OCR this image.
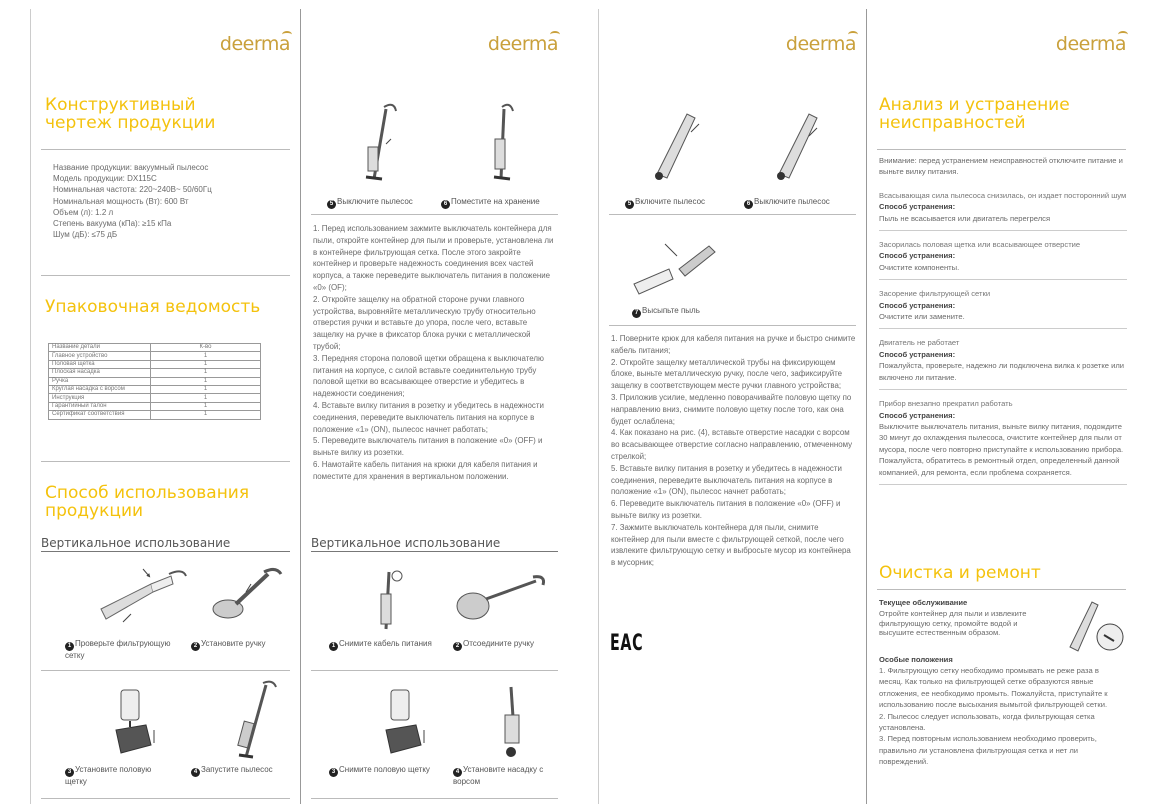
deerma
Конструктивный чертеж продукции
Название продукции: вакуумный пылесос
Модель продукции: DX115C
Номинальная частота: 220~240В~ 50/60Гц
Номинальная мощность (Вт): 600 Вт
Объем (л): 1.2 л
Степень вакуума (кПа): ≥15 кПа
Шум (дБ): ≤75 дБ
Упаковочная ведомость
Название детали	К-во
Главное устройство	1
Половая щетка	1
Плоская насадка	1
Ручка	1
Круглая насадка с ворсом	1
Инструкция	1
Гарантийный талон	1
Сертификат соответствия	1
Способ использования продукции
Вертикальное использование
1 Проверьте фильтрующую сетку
2 Установите ручку
3 Установите половую щетку
4 Запустите пылесос
deerma
5 Выключите пылесос	6 Поместите на хранение
1. Перед использованием зажмите выключатель контейнера для пыли, откройте контейнер для пыли и проверьте, установлена ли в контейнере фильтрующая сетка. После этого закройте контейнер и проверьте надежность соединения всех частей корпуса, а также переведите выключатель питания в положение «0» (OF);
2. Откройте защелку на обратной стороне ручки главного устройства, выровняйте металлическую трубу относительно отверстия ручки и вставьте до упора, после чего, вставьте защелку на ручке в фиксатор блока ручки с металлической трубой;
3. Передняя сторона половой щетки обращена к выключателю питания на корпусе, с силой вставьте соединительную трубу половой щетки во всасывающее отверстие и убедитесь в надежности соединения;
4. Вставьте вилку питания в розетку и убедитесь в надежности соединения, переведите выключатель питания на корпусе в положение «1» (ON), пылесос начнет работать;
5. Переведите выключатель питания в положение «0» (OFF) и выньте вилку из розетки.
6. Намотайте кабель питания на крюки для кабеля питания и поместите для хранения в вертикальном положении.
Вертикальное использование
1 Снимите кабель питания	2 Отсоедините ручку
3 Снимите половую щетку	4 Установите насадку с ворсом
deerma
5 Включите пылесос	6 Выключите пылесос
7 Высыпьте пыль
1. Поверните крюк для кабеля питания на ручке и быстро снимите кабель питания;
2. Откройте защелку металлической трубы на фиксирующем блоке, выньте металлическую ручку, после чего, зафиксируйте защелку в соответствующем месте ручки главного устройства;
3. Приложив усилие, медленно поворачивайте половую щетку по направлению вниз, снимите половую щетку после того, как она будет ослаблена;
4. Как показано на рис. (4), вставьте отверстие насадки с ворсом во всасывающее отверстие согласно направлению, отмеченному стрелкой;
5. Вставьте вилку питания в розетку и убедитесь в надежности соединения, переведите выключатель питания на корпусе в положение «1» (ON), пылесос начнет работать;
6. Переведите выключатель питания в положение «0» (OFF) и выньте вилку из розетки.
7. Зажмите выключатель контейнера для пыли, снимите контейнер для пыли вместе с фильтрующей сеткой, после чего извлеките фильтрующую сетку и выбросьте мусор из контейнера в мусорник;
EAC
deerma
Анализ и устранение неисправностей
Внимание: перед устранением неисправностей отключите питание и выньте вилку питания.
Всасывающая сила пылесоса снизилась, он издает посторонний шум
Способ устранения:
Пыль не всасывается или двигатель перегрелся
Засорилась половая щетка или всасывающее отверстие
Способ устранения:
Очистите компоненты.
Засорение фильтрующей сетки
Способ устранения:
Очистите или замените.
Двигатель не работает
Способ устранения:
Пожалуйста, проверьте, надежно ли подключена вилка к розетке или включено ли питание.
Прибор внезапно прекратил работать
Способ устранения:
Выключите выключатель питания, выньте вилку питания, подождите 30 минут до охлаждения пылесоса, очистите контейнер для пыли от мусора, после чего повторно приступайте к использованию прибора.
Пожалуйста, обратитесь в ремонтный отдел, определенный данной компанией, для ремонта, если проблема сохраняется.
Очистка и ремонт
Текущее обслуживание
Отройте контейнер для пыли и извлеките фильтрующую сетку, промойте водой и высушите естественным образом.
Особые положения
1. Фильтрующую сетку необходимо промывать не реже раза в месяц. Как только на фильтрующей сетке образуются явные отложения, ее необходимо промыть. Пожалуйста, приступайте к использованию после высыхания вымытой фильтрующей сетки.
2. Пылесос следует использовать, когда фильтрующая сетка установлена.
3. Перед повторным использованием необходимо проверить, правильно ли установлена фильтрующая сетка и нет ли повреждений.
